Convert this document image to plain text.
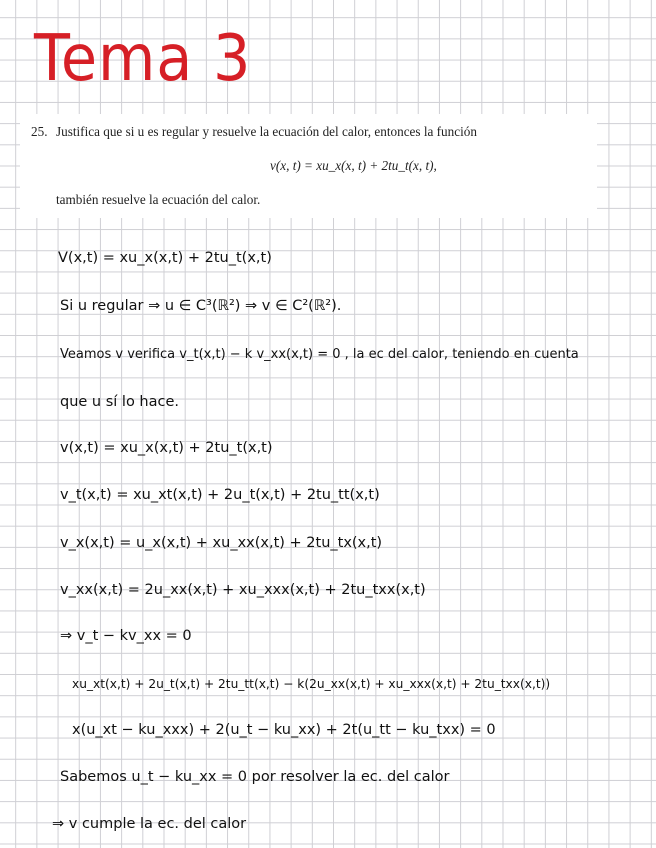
Tema 3
25. Justifica que si u es regular y resuelve la ecuación del calor, entonces la función
v(x, t) = xu_x(x, t) + 2tu_t(x, t),
también resuelve la ecuación del calor.
V(x,t) = xu_x(x,t) + 2tu_t(x,t)
Si u regular ⇒ u ∈ C³(ℝ²) ⇒ v ∈ C²(ℝ²).
Veamos v verifica v_t(x,t) − k v_xx(x,t) = 0 , la ec del calor, teniendo en cuenta
que u sí lo hace.
v(x,t) = xu_x(x,t) + 2tu_t(x,t)
v_t(x,t) = xu_xt(x,t) + 2u_t(x,t) + 2tu_tt(x,t)
v_x(x,t) = u_x(x,t) + xu_xx(x,t) + 2tu_tx(x,t)
v_xx(x,t) = 2u_xx(x,t) + xu_xxx(x,t) + 2tu_txx(x,t)
⇒ v_t − kv_xx = 0
xu_xt(x,t) + 2u_t(x,t) + 2tu_tt(x,t) − k(2u_xx(x,t) + xu_xxx(x,t) + 2tu_txx(x,t))
x(u_xt − ku_xxx) + 2(u_t − ku_xx) + 2t(u_tt − ku_txx) = 0
Sabemos u_t − ku_xx = 0 por resolver la ec. del calor
⇒ v cumple la ec. del calor
